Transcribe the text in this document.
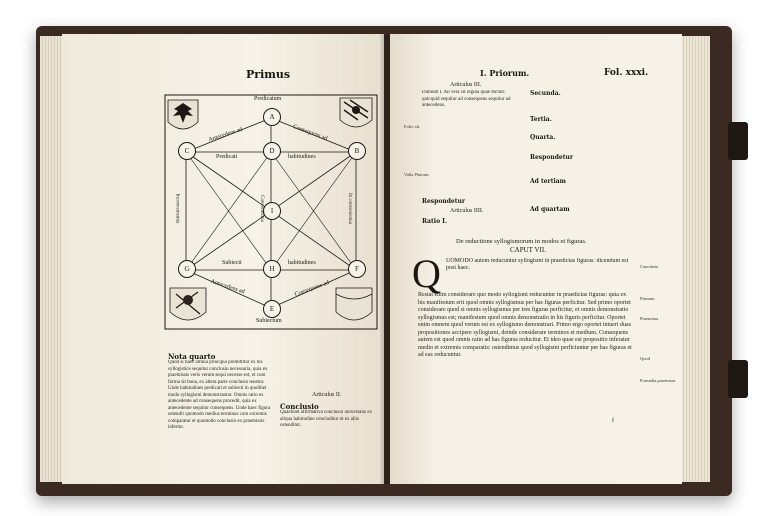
Primus
Predicatum
Subiectum
A
B
C	D
E
F
G	H
I
Antecedens ad	Consequens ad
Predicati	habitudines
Subiecti	habitudines
Antecedens ad	Consequens ad
Inconvenientia	Convenientia	In convenientia
Nota quarto
Quod si haec omnia principia premittitur ex his syllogistice sequitur conclusio necessaria, quia ex praemissis veris verum sequi necesse est; et cum forma sit bona, ex altera parte conclusio tenetur. Unde habitudines predicati et subiecti in quolibet modo syllogismi demonstrantur. Omnis ratio ex antecedente ad consequens procedit, quia ex antecedente sequitur consequens. Unde haec figura ostendit quomodo medius terminus cum extremis comparatur et quomodo conclusio ex praemissis infertur.
Articulus II.
Conclusio
Quaelibet affirmativa conclusio universalis ex aliqua habitudine concluditur et ex aliis ostenditur.
I. Priorum.	Fol. xxxi.
Articulus III.
Dubium I. An vera sit regula quae dicitur: quicquid sequitur ad consequens sequitur ad antecedens.
Respondetur
Articulus IIII.
Ratio I.
Secunda.
Tertia.
Quarta.
Respondetur
Ad tertiam
Ad quartam
De reductione syllogismorum in modos et figuras.
CAPUT VII.
Q UOMODO autem reducuntur syllogismi in praedictas figuras: dicendum est post haec.
Restat enim considerare quo modo syllogismi reducuntur in praedictas figuras: quia ex his manifestum erit quod omnis syllogismus per has figuras perficitur. Sed primo oportet considerare quod si omnis syllogismus per tres figuras perficitur, et omnis demonstratio syllogismus est; manifestum quod omnis demonstratio in his figuris perficitur. Oportet enim omnem quod verum est ex syllogismo demonstrari. Primo ergo oportet intueri duas propositiones accipere syllogismi, deinde considerare terminos et medium. Consequens autem est quod omnis ratio ad has figuras reducitur. Et ideo quae est propositio inferatur medio et extremis comparatis: ostendimus quod syllogismi perficiuntur per has figuras et ad eas reducuntur.
f
Folio xli.
Valla Platonis
Conclusio
Primum
Praemissa
Quod
Formalia praemissa
